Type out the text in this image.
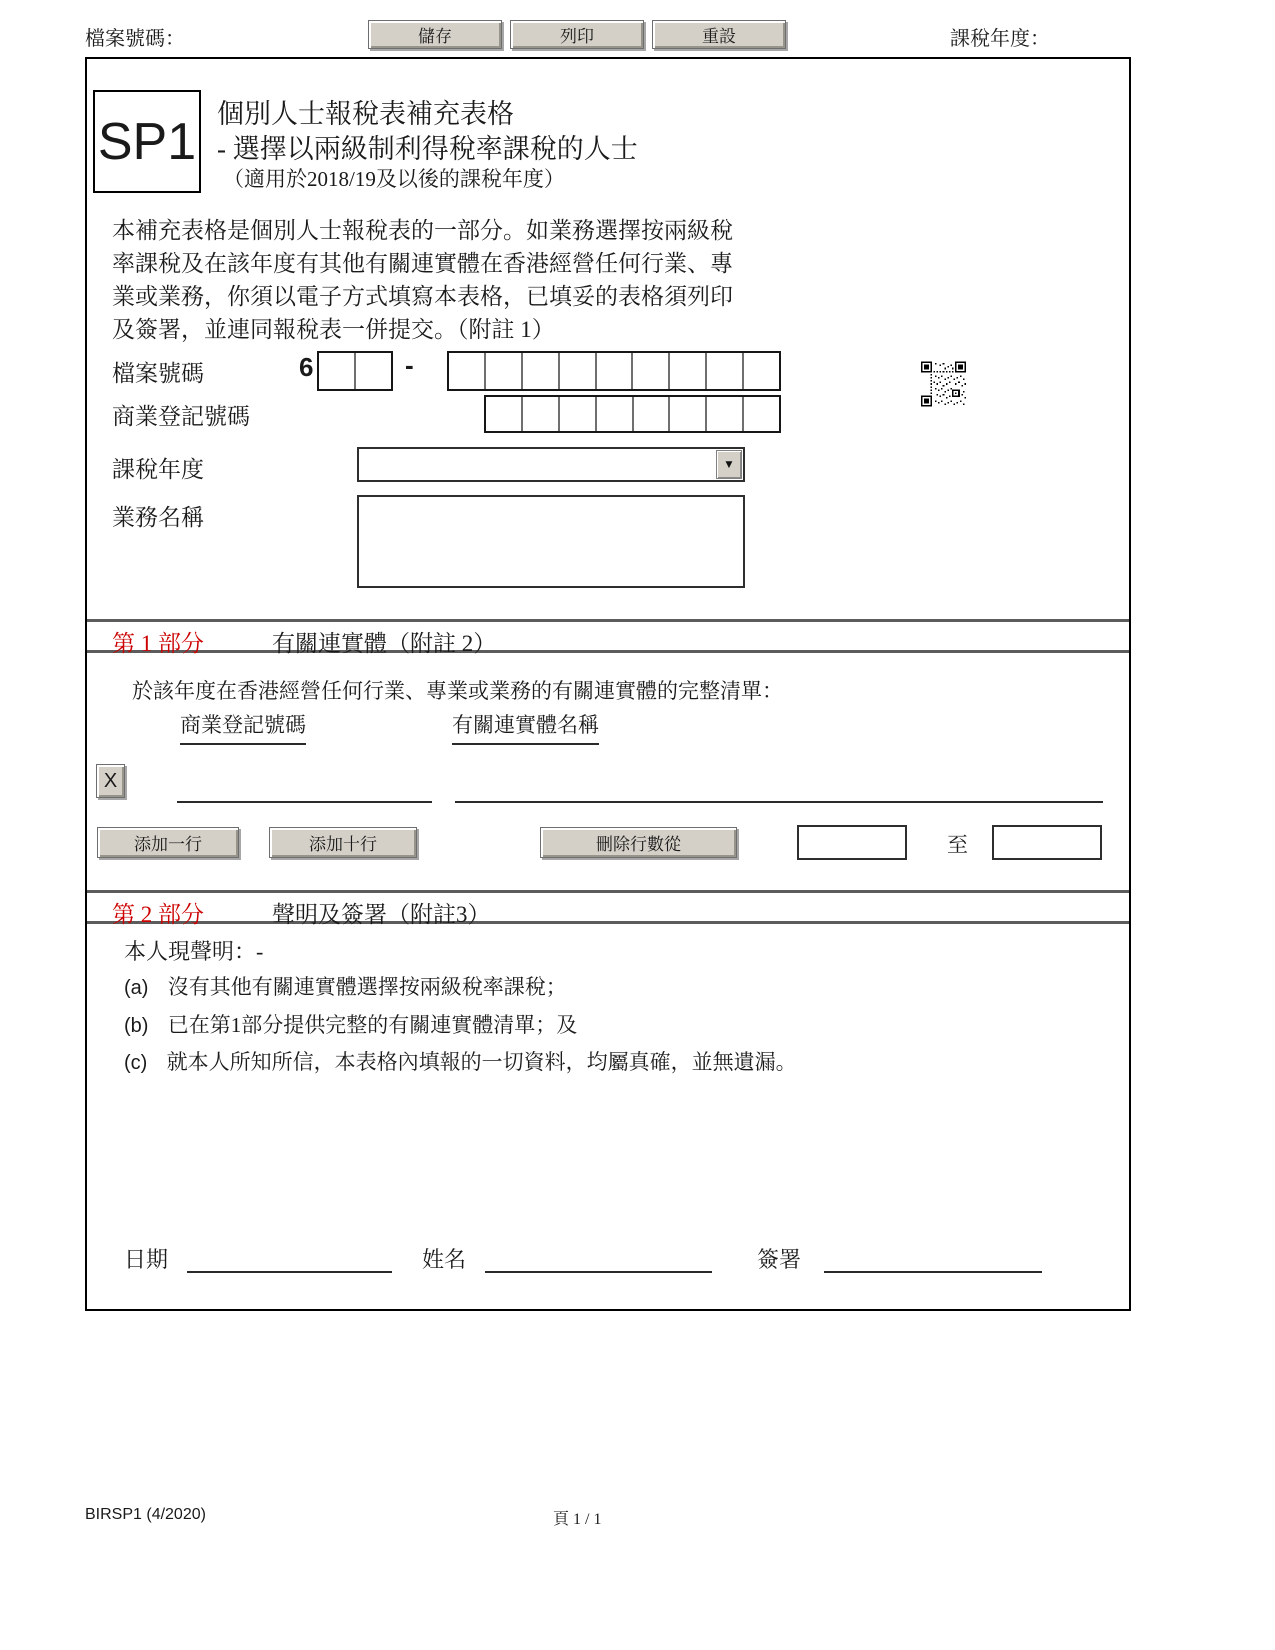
檔案號碼：	儲存	列印	重設	課稅年度：
SP1 個別人士報稅表補充表格
- 選擇以兩級制利得稅率課稅的人士
（適用於2018/19及以後的課稅年度）
本補充表格是個別人士報稅表的一部分。如業務選擇按兩級稅
率課稅及在該年度有其他有關連實體在香港經營任何行業、專
業或業務，你須以電子方式填寫本表格，已填妥的表格須列印
及簽署，並連同報稅表一併提交。（附註 1）
檔案號碼	6	-
商業登記號碼
課稅年度	▼
業務名稱
第 1 部分	有關連實體（附註 2）
於該年度在香港經營任何行業、專業或業務的有關連實體的完整清單：
商業登記號碼	有關連實體名稱
X
添加一行	添加十行	刪除行數從	至
第 2 部分	聲明及簽署（附註3）
本人現聲明：-
(a) 沒有其他有關連實體選擇按兩級稅率課稅；
(b) 已在第1部分提供完整的有關連實體清單；及
(c) 就本人所知所信，本表格內填報的一切資料，均屬真確，並無遺漏。
日期	姓名	簽署
BIRSP1 (4/2020)	頁 1 / 1
